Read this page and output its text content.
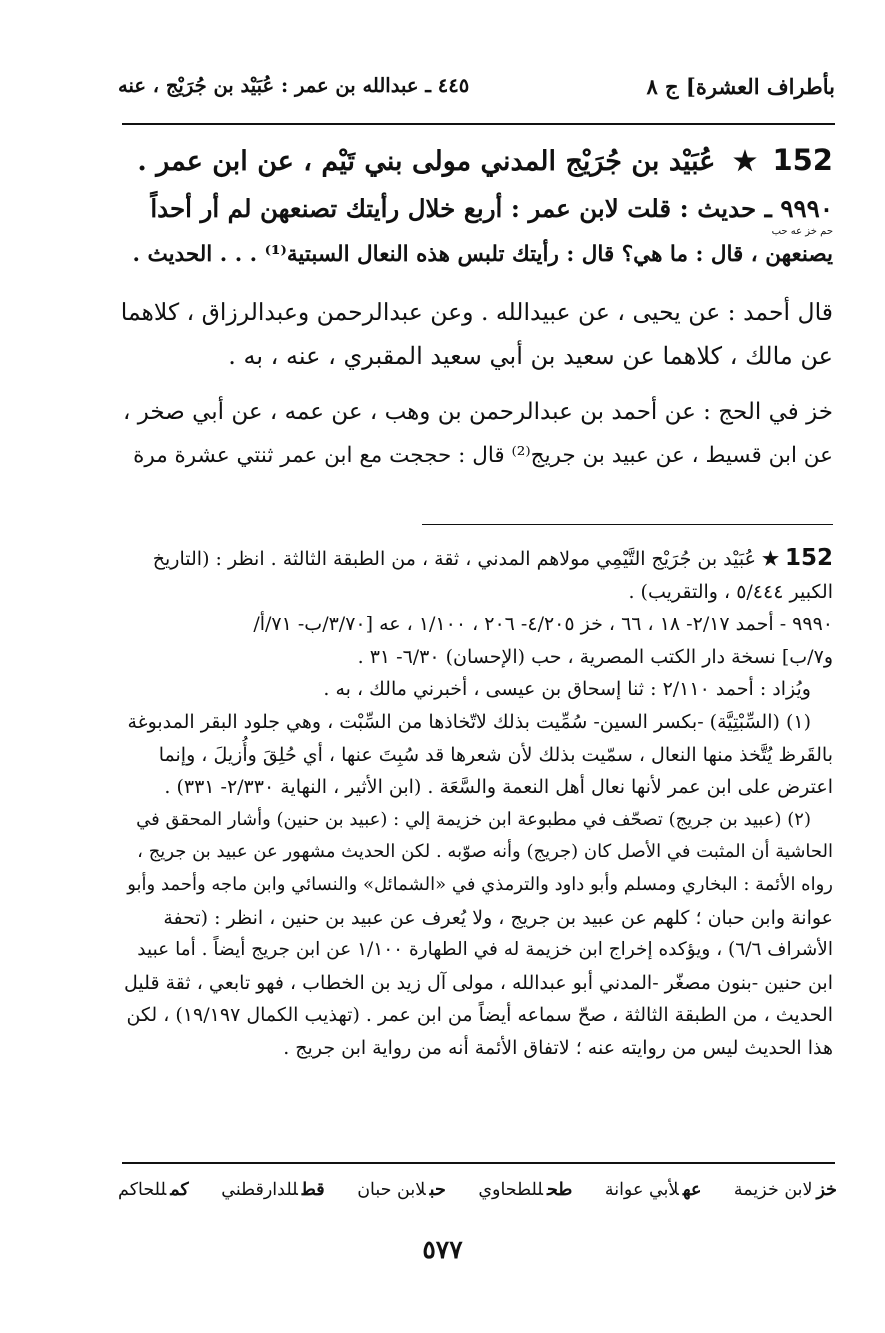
بأطراف العشرة] ج ٨
٤٤٥ ـ عبدالله بن عمر : عُبَيْد بن جُرَيْج ، عنه
152 ★ عُبَيْد بن جُرَيْج المدني مولى بني تَيْم ، عن ابن عمر .
٩٩٩٠ ـ حديث : قلت لابن عمر : أربع خلال رأيتك تصنعهن لم أر أحداً
حم خز عه حب
يصنعهن ، قال : ما هي؟ قال : رأيتك تلبس هذه النعال السبتية⁽¹⁾ . . . الحديث .
قال أحمد : عن يحيى ، عن عبيدالله . وعن عبدالرحمن وعبدالرزاق ، كلاهما
عن مالك ، كلاهما عن سعيد بن أبي سعيد المقبري ، عنه ، به .
خز في الحج : عن أحمد بن عبدالرحمن بن وهب ، عن عمه ، عن أبي صخر ،
عن ابن قسيط ، عن عبيد بن جريج⁽²⁾ قال : حججت مع ابن عمر ثنتي عشرة مرة
152★عُبَيْد بن جُرَيْج التَّيْمِي مولاهم المدني ، ثقة ، من الطبقة الثالثة . انظر : (التاريخ
الكبير ٥/٤٤٤ ، والتقريب) .
٩٩٩٠ - أحمد ٢/١٧- ١٨ ، ٦٦ ، خز ٤/٢٠٥- ٢٠٦ ، ١/١٠٠ ، عه [٣/٧٠/ب- ٧١/أ/
و٧/ب] نسخة دار الكتب المصرية ، حب (الإحسان) ٦/٣٠- ٣١ .
ويُزاد : أحمد ٢/١١٠ : ثنا إسحاق بن عيسى ، أخبرني مالك ، به .
(١) (السِّبْتِيَّة) -بكسر السين- سُمِّيت بذلك لاتّخاذها من السِّبْت ، وهي جلود البقر المدبوغة
بالقَرظ يُتَّخذ منها النعال ، سمّيت بذلك لأن شعرها قد سُبِتَ عنها ، أي حُلِقَ وأُزيلَ ، وإنما
اعترض على ابن عمر لأنها نعال أهل النعمة والسَّعَة . (ابن الأثير ، النهاية ٢/٣٣٠- ٣٣١) .
(٢) (عبيد بن جريج) تصحّف في مطبوعة ابن خزيمة إلي : (عبيد بن حنين) وأشار المحقق في
الحاشية أن المثبت في الأصل كان (جريج) وأنه صوّبه . لكن الحديث مشهور عن عبيد بن جريج ،
رواه الأئمة : البخاري ومسلم وأبو داود والترمذي في «الشمائل» والنسائي وابن ماجه وأحمد وأبو
عوانة وابن حبان ؛ كلهم عن عبيد بن جريج ، ولا يُعرف عن عبيد بن حنين ، انظر : (تحفة
الأشراف ٦/٦) ، ويؤكده إخراج ابن خزيمة له في الطهارة ١/١٠٠ عن ابن جريج أيضاً . أما عبيد
ابن حنين -بنون مصغّر -المدني أبو عبدالله ، مولى آل زيد بن الخطاب ، فهو تابعي ، ثقة قليل
الحديث ، من الطبقة الثالثة ، صحّ سماعه أيضاً من ابن عمر . (تهذيب الكمال ١٩/١٩٧) ، لكن
هذا الحديث ليس من روايته عنه ؛ لاتفاق الأئمة أنه من رواية ابن جريج .
خزلابن خزيمة
عهلأبي عوانة
طحللطحاوي
حبلابن حبان
قطللدارقطني
كمللحاكم
٥٧٧
